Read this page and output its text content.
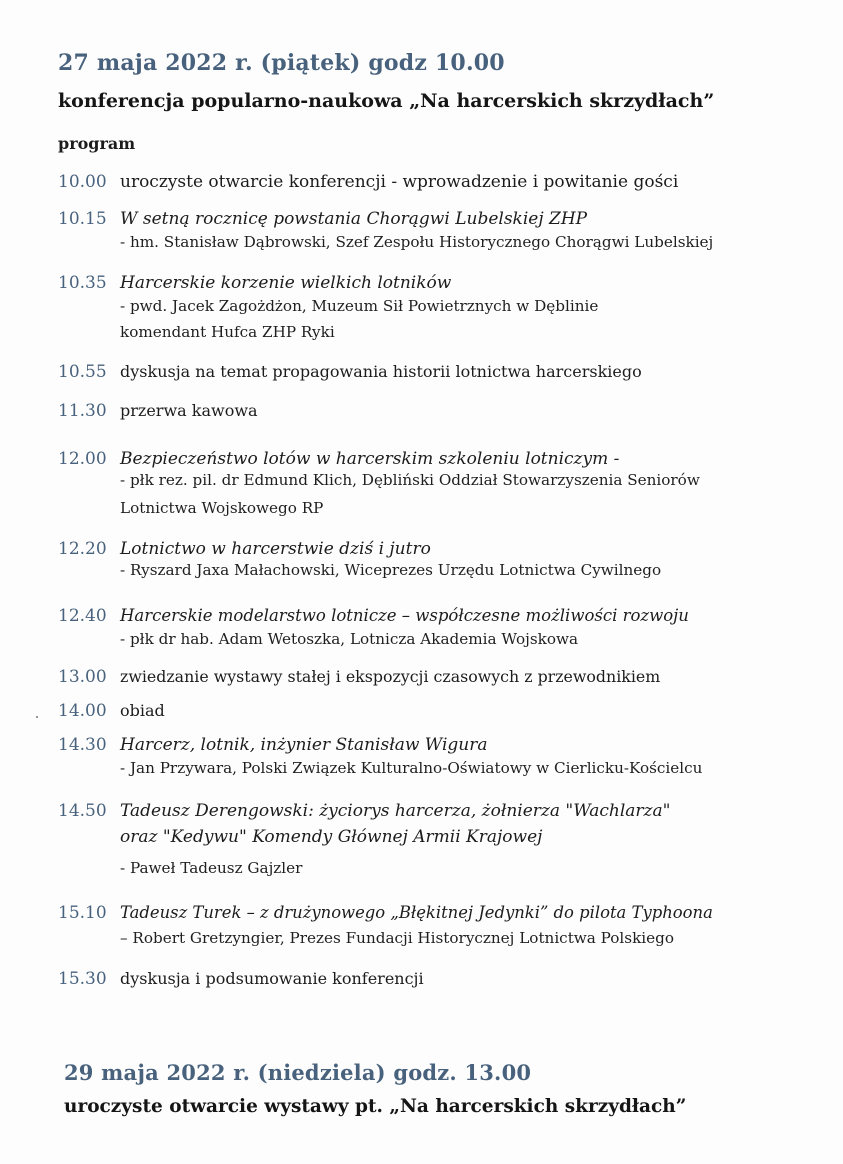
27 maja 2022 r. (piątek) godz 10.00
konferencja popularno-naukowa „Na harcerskich skrzydłach”
program
10.00 uroczyste otwarcie konferencji - wprowadzenie i powitanie gości
10.15 W setną rocznicę powstania Chorągwi Lubelskiej ZHP
- hm. Stanisław Dąbrowski, Szef Zespołu Historycznego Chorągwi Lubelskiej
10.35 Harcerskie korzenie wielkich lotników
- pwd. Jacek Zagożdżon, Muzeum Sił Powietrznych w Dęblinie
komendant Hufca ZHP Ryki
10.55 dyskusja na temat propagowania historii lotnictwa harcerskiego
11.30 przerwa kawowa
12.00 Bezpieczeństwo lotów w harcerskim szkoleniu lotniczym -
- płk rez. pil. dr Edmund Klich, Dębliński Oddział Stowarzyszenia Seniorów
Lotnictwa Wojskowego RP
12.20 Lotnictwo w harcerstwie dziś i jutro
- Ryszard Jaxa Małachowski, Wiceprezes Urzędu Lotnictwa Cywilnego
12.40 Harcerskie modelarstwo lotnicze – współczesne możliwości rozwoju
- płk dr hab. Adam Wetoszka, Lotnicza Akademia Wojskowa
13.00 zwiedzanie wystawy stałej i ekspozycji czasowych z przewodnikiem
14.00 obiad
14.30 Harcerz, lotnik, inżynier Stanisław Wigura
- Jan Przywara, Polski Związek Kulturalno-Oświatowy w Cierlicku-Kościelcu
14.50 Tadeusz Derengowski: życiorys harcerza, żołnierza "Wachlarza"
oraz "Kedywu" Komendy Głównej Armii Krajowej
- Paweł Tadeusz Gajzler
15.10 Tadeusz Turek – z drużynowego „Błękitnej Jedynki” do pilota Typhoona
– Robert Gretzyngier, Prezes Fundacji Historycznej Lotnictwa Polskiego
15.30 dyskusja i podsumowanie konferencji
29 maja 2022 r. (niedziela) godz. 13.00
uroczyste otwarcie wystawy pt. „Na harcerskich skrzydłach”
